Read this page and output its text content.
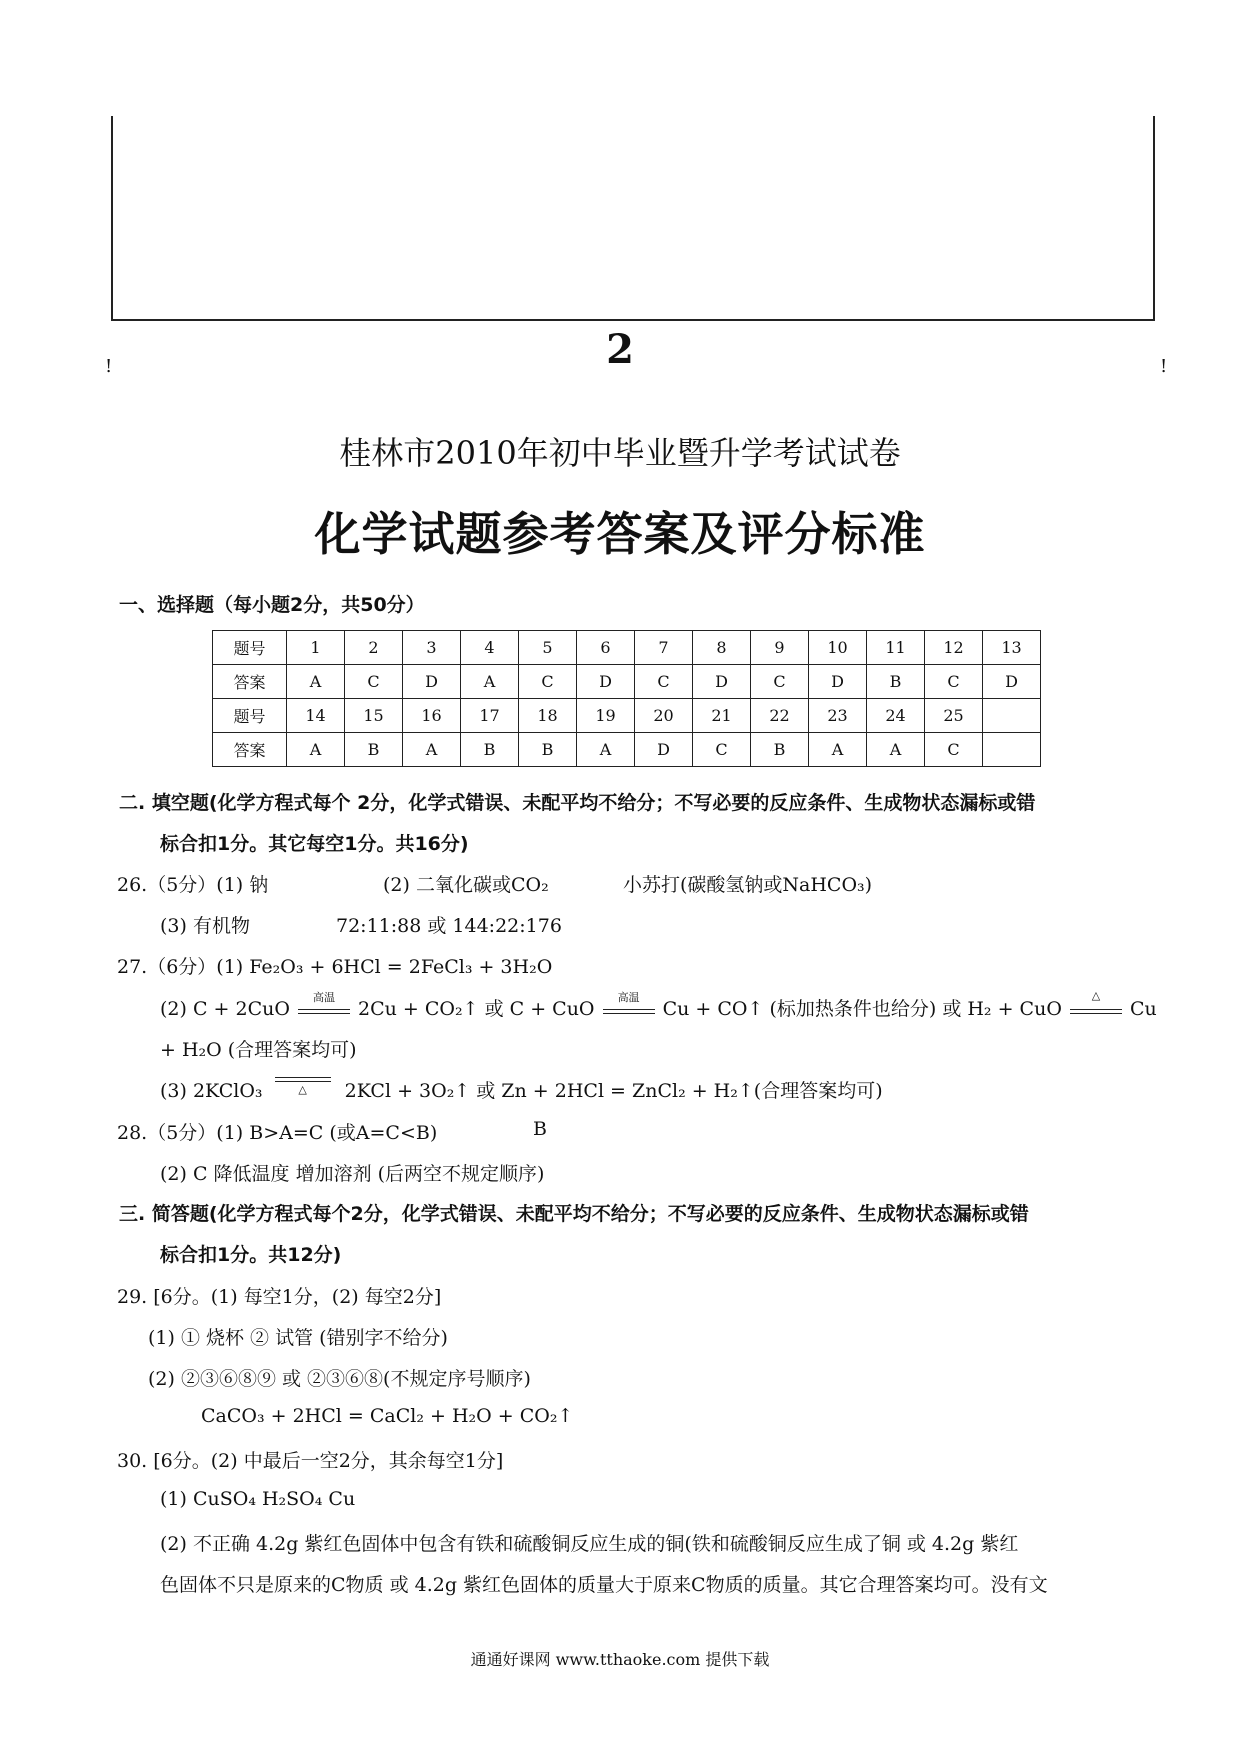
2
!	!
桂林市2010年初中毕业暨升学考试试卷
化学试题参考答案及评分标准
一、选择题（每小题2分，共50分）
题号	1	2	3	4	5	6	7	8	9	10	11	12	13
答案	A	C	D	A	C	D	C	D	C	D	B	C	D
题号	14	15	16	17	18	19	20	21	22	23	24	25	
答案	A	B	A	B	B	A	D	C	B	A	A	C	
二. 填空题(化学方程式每个 2分，化学式错误、未配平均不给分；不写必要的反应条件、生成物状态漏标或错
标合扣1分。其它每空1分。共16分)
26.（5分）(1) 钠	(2) 二氧化碳或CO₂	小苏打(碳酸氢钠或NaHCO₃)
(3) 有机物	72:11:88 或 144:22:176
27.（6分）(1) Fe₂O₃ + 6HCl = 2FeCl₃ + 3H₂O
(2) C + 2CuO
高温
2Cu + CO₂↑ 或 C + CuO
高温
Cu + CO↑ (标加热条件也给分) 或 H₂ + CuO
△
Cu
+ H₂O (合理答案均可)
(3) 2KClO₃	△	2KCl + 3O₂↑ 或 Zn + 2HCl = ZnCl₂ + H₂↑(合理答案均可)
28.（5分）(1) B>A=C (或A=C<B)	B
(2) C 降低温度 增加溶剂 (后两空不规定顺序)
三. 简答题(化学方程式每个2分，化学式错误、未配平均不给分；不写必要的反应条件、生成物状态漏标或错
标合扣1分。共12分)
29. [6分。(1) 每空1分，(2) 每空2分]
(1) ① 烧杯 ② 试管 (错别字不给分)
(2) ②③⑥⑧⑨ 或 ②③⑥⑧(不规定序号顺序)
CaCO₃ + 2HCl = CaCl₂ + H₂O + CO₂↑
30. [6分。(2) 中最后一空2分，其余每空1分]
(1) CuSO₄ H₂SO₄ Cu
(2) 不正确 4.2g 紫红色固体中包含有铁和硫酸铜反应生成的铜(铁和硫酸铜反应生成了铜 或 4.2g 紫红
色固体不只是原来的C物质 或 4.2g 紫红色固体的质量大于原来C物质的质量。其它合理答案均可。没有文
通通好课网 www.tthaoke.com 提供下载
